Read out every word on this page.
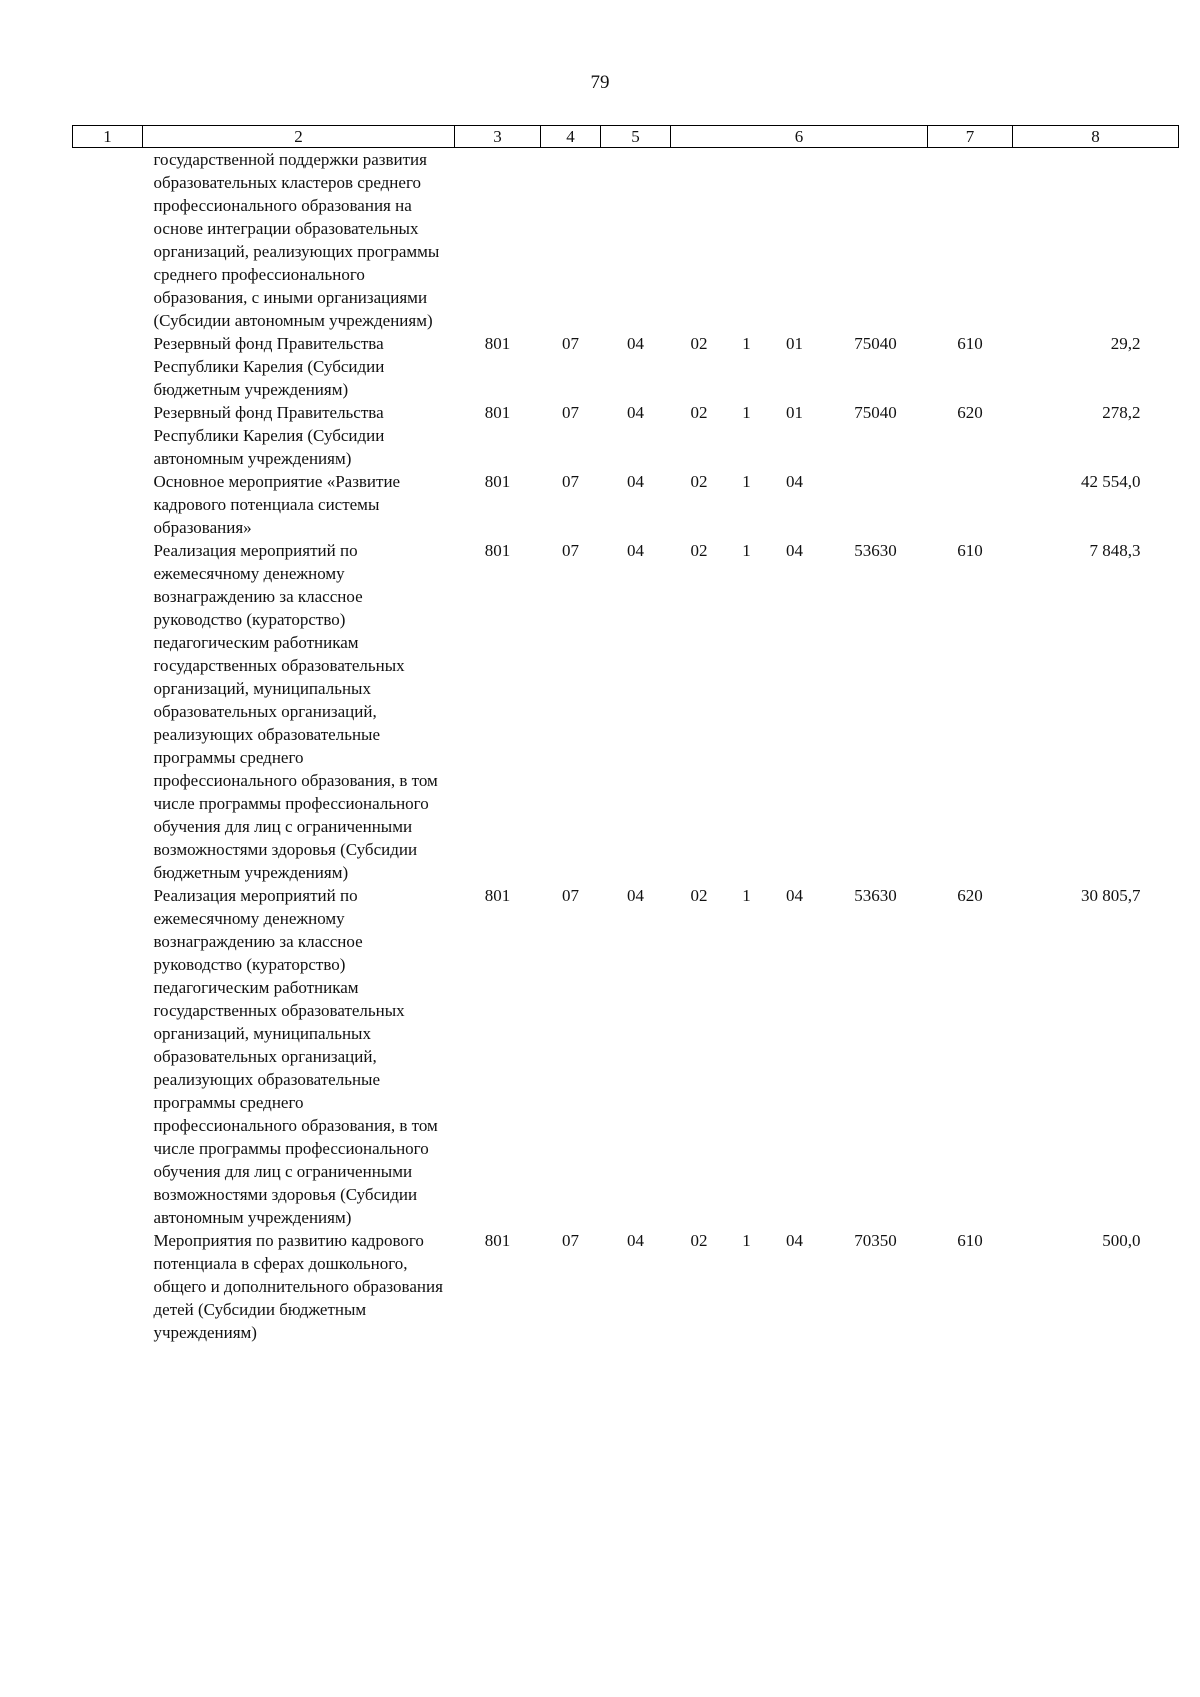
79
1	2	3	4	5	6				7	8
	государственной поддержки развития образовательных кластеров среднего профессионального образования на основе интеграции образовательных организаций, реализующих программы среднего профессионального образования, с иными организациями (Субсидии автономным учреждениям)									
	Резервный фонд Правительства Республики Карелия (Субсидии бюджетным учреждениям)	801	07	04	02	1	01	75040	610	29,2
	Резервный фонд Правительства Республики Карелия (Субсидии автономным учреждениям)	801	07	04	02	1	01	75040	620	278,2
	Основное мероприятие «Развитие кадрового потенциала системы образования»	801	07	04	02	1	04			42 554,0
	Реализация мероприятий по ежемесячному денежному вознаграждению за классное руководство (кураторство) педагогическим работникам государственных образовательных организаций, муниципальных образовательных организаций, реализующих образовательные программы среднего профессионального образования, в том числе программы профессионального обучения для лиц с ограниченными возможностями здоровья (Субсидии бюджетным учреждениям)	801	07	04	02	1	04	53630	610	7 848,3
	Реализация мероприятий по ежемесячному денежному вознаграждению за классное руководство (кураторство) педагогическим работникам государственных образовательных организаций, муниципальных образовательных организаций, реализующих образовательные программы среднего профессионального образования, в том числе программы профессионального обучения для лиц с ограниченными возможностями здоровья (Субсидии автономным учреждениям)	801	07	04	02	1	04	53630	620	30 805,7
	Мероприятия по развитию кадрового потенциала в сферах дошкольного, общего и дополнительного образования детей (Субсидии бюджетным учреждениям)	801	07	04	02	1	04	70350	610	500,0
